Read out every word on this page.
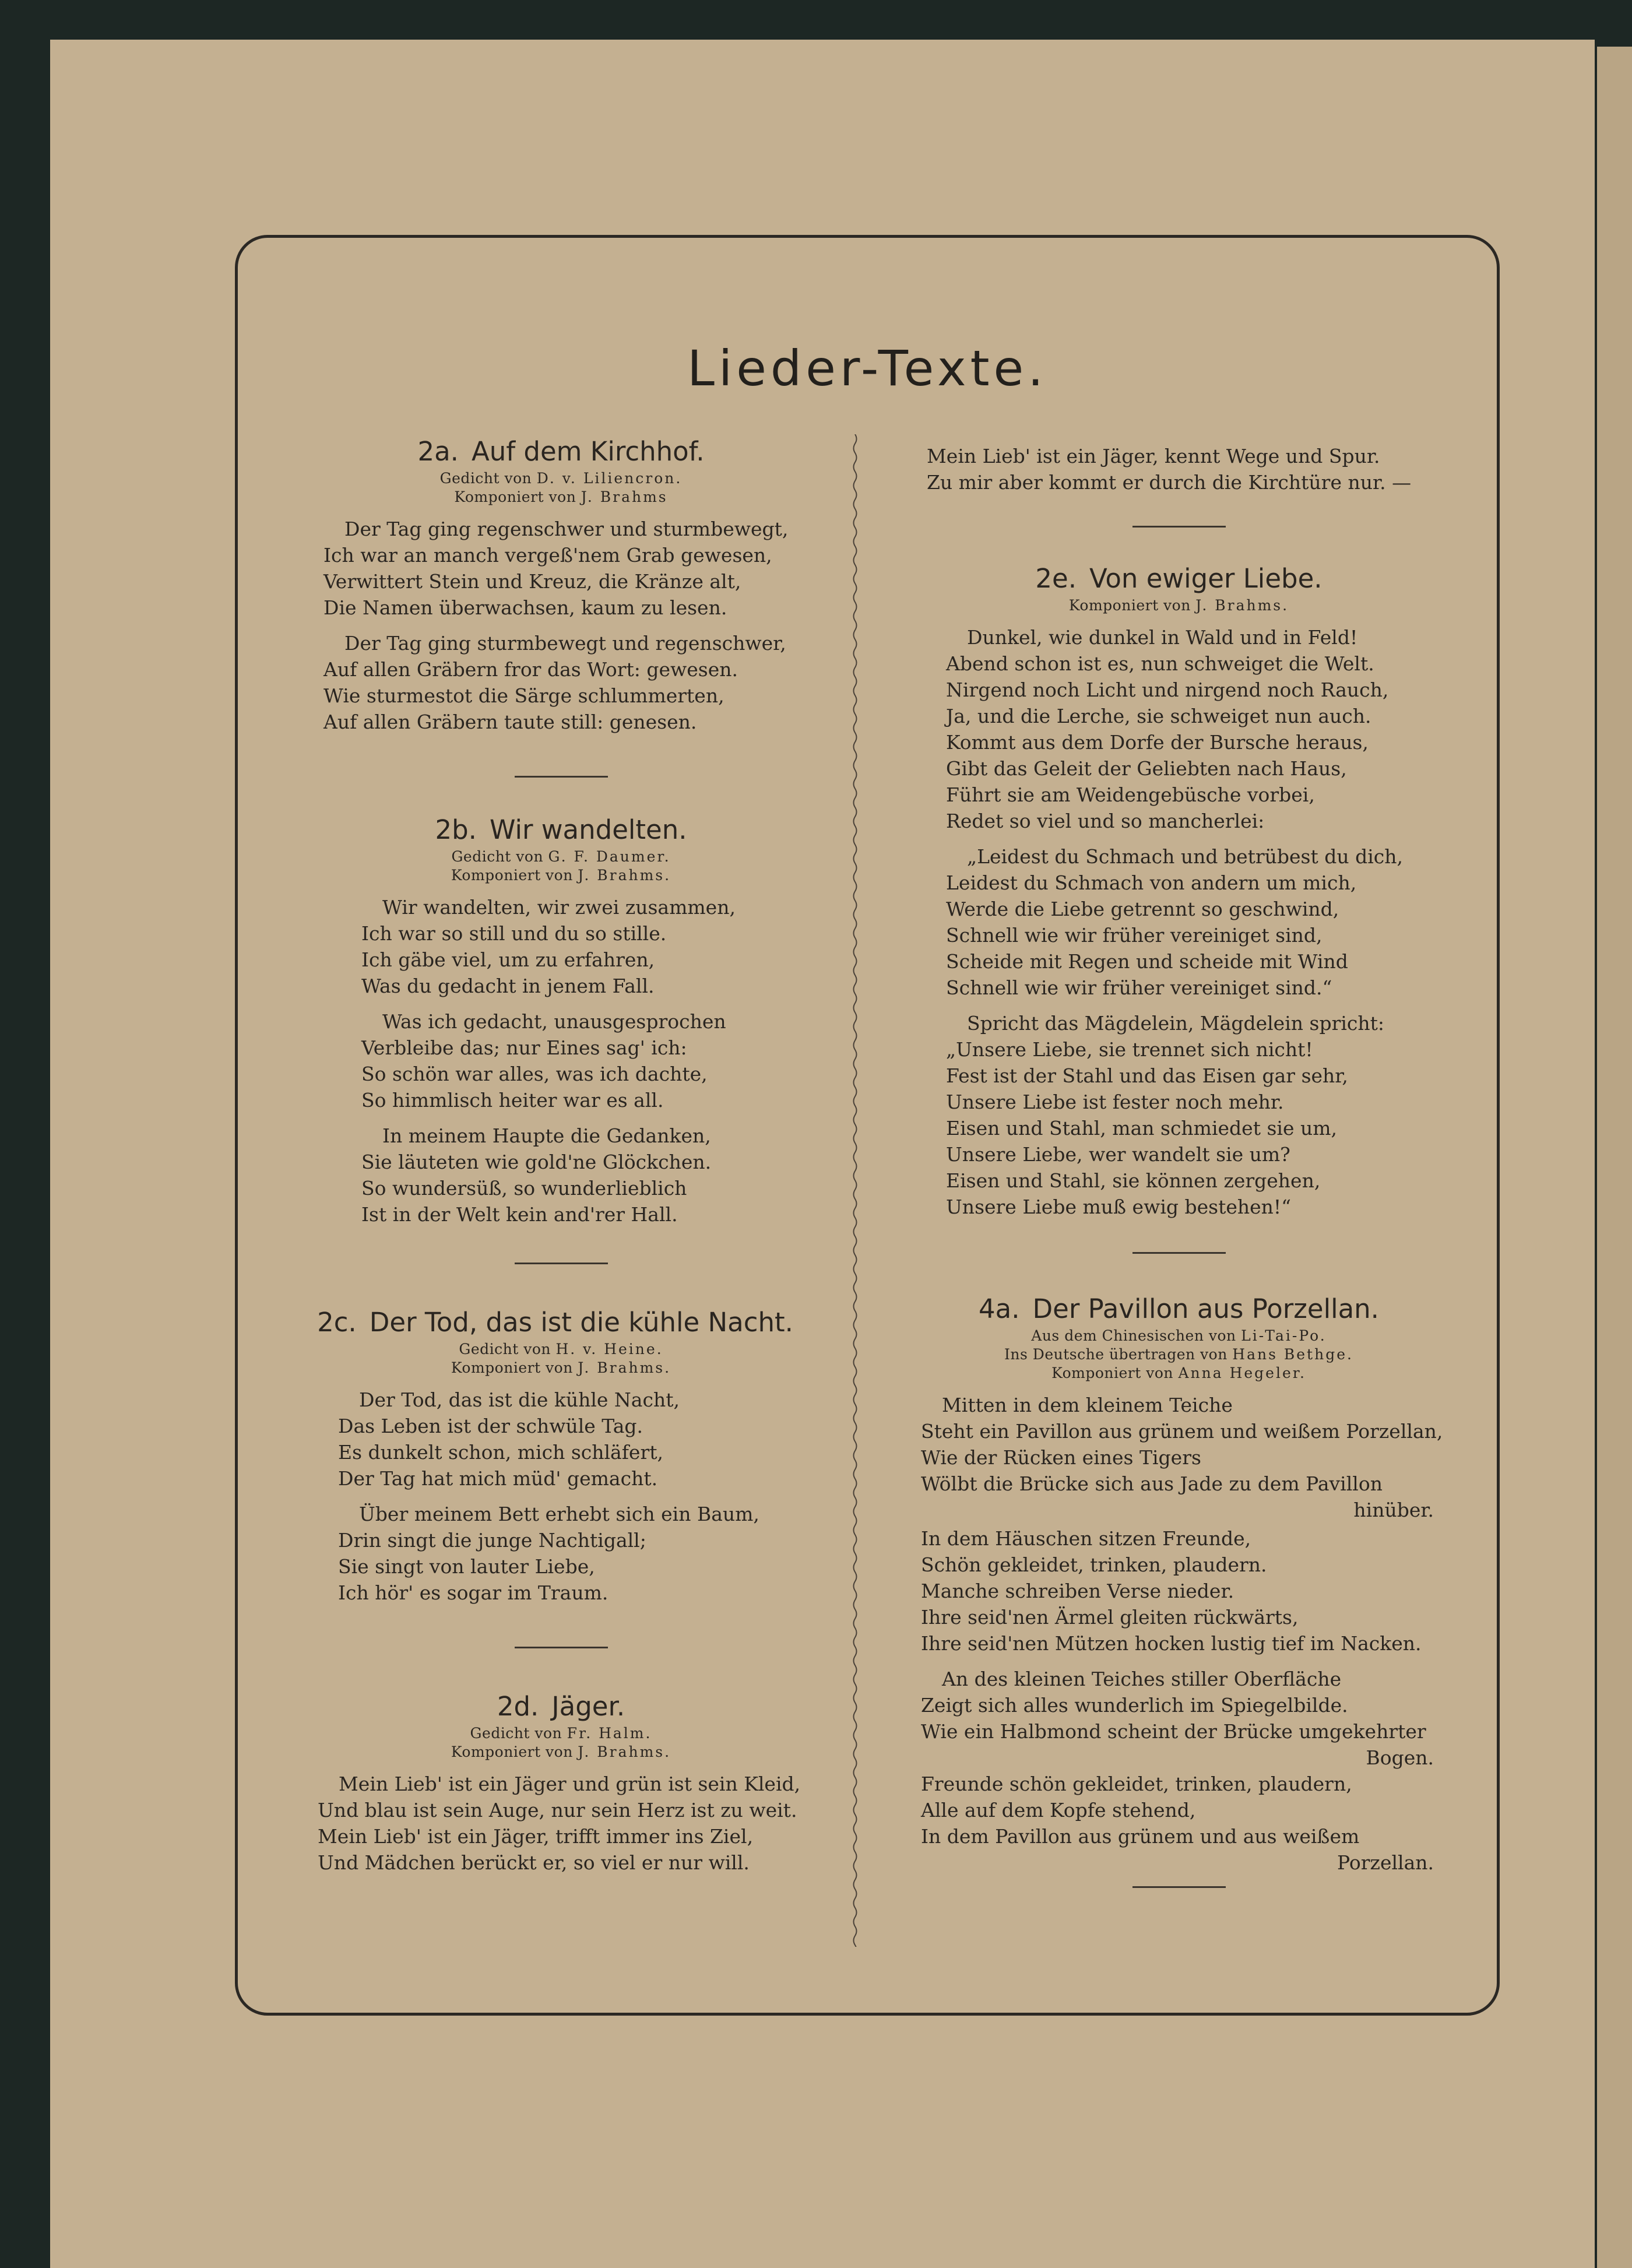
Lieder-Texte.
2a. Auf dem Kirchhof.

Gedicht von D. v. Liliencron.

Komponiert von J. Brahms

Der Tag ging regenschwer und sturmbewegt,

Ich war an manch vergeß'nem Grab gewesen,

Verwittert Stein und Kreuz, die Kränze alt,

Die Namen überwachsen, kaum zu lesen.

Der Tag ging sturmbewegt und regenschwer,

Auf allen Gräbern fror das Wort: gewesen.

Wie sturmestot die Särge schlummerten,

Auf allen Gräbern taute still: genesen.

2b. Wir wandelten.

Gedicht von G. F. Daumer.

Komponiert von J. Brahms.

Wir wandelten, wir zwei zusammen,

Ich war so still und du so stille.

Ich gäbe viel, um zu erfahren,

Was du gedacht in jenem Fall.

Was ich gedacht, unausgesprochen

Verbleibe das; nur Eines sag' ich:

So schön war alles, was ich dachte,

So himmlisch heiter war es all.

In meinem Haupte die Gedanken,

Sie läuteten wie gold'ne Glöckchen.

So wundersüß, so wunderlieblich

Ist in der Welt kein and'rer Hall.

2c. Der Tod, das ist die kühle Nacht.

Gedicht von H. v. Heine.

Komponiert von J. Brahms.

Der Tod, das ist die kühle Nacht,

Das Leben ist der schwüle Tag.

Es dunkelt schon, mich schläfert,

Der Tag hat mich müd' gemacht.

Über meinem Bett erhebt sich ein Baum,

Drin singt die junge Nachtigall;

Sie singt von lauter Liebe,

Ich hör' es sogar im Traum.

2d. Jäger.

Gedicht von Fr. Halm.

Komponiert von J. Brahms.

Mein Lieb' ist ein Jäger und grün ist sein Kleid,

Und blau ist sein Auge, nur sein Herz ist zu weit.

Mein Lieb' ist ein Jäger, trifft immer ins Ziel,

Und Mädchen berückt er, so viel er nur will.

Mein Lieb' ist ein Jäger, kennt Wege und Spur.

Zu mir aber kommt er durch die Kirchtüre nur. —

2e. Von ewiger Liebe.

Komponiert von J. Brahms.

Dunkel, wie dunkel in Wald und in Feld!

Abend schon ist es, nun schweiget die Welt.

Nirgend noch Licht und nirgend noch Rauch,

Ja, und die Lerche, sie schweiget nun auch.

Kommt aus dem Dorfe der Bursche heraus,

Gibt das Geleit der Geliebten nach Haus,

Führt sie am Weidengebüsche vorbei,

Redet so viel und so mancherlei:

„Leidest du Schmach und betrübest du dich,

Leidest du Schmach von andern um mich,

Werde die Liebe getrennt so geschwind,

Schnell wie wir früher vereiniget sind,

Scheide mit Regen und scheide mit Wind

Schnell wie wir früher vereiniget sind.“

Spricht das Mägdelein, Mägdelein spricht:

„Unsere Liebe, sie trennet sich nicht!

Fest ist der Stahl und das Eisen gar sehr,

Unsere Liebe ist fester noch mehr.

Eisen und Stahl, man schmiedet sie um,

Unsere Liebe, wer wandelt sie um?

Eisen und Stahl, sie können zergehen,

Unsere Liebe muß ewig bestehen!“

4a. Der Pavillon aus Porzellan.

Aus dem Chinesischen von Li-Tai-Po.

Ins Deutsche übertragen von Hans Bethge.

Komponiert von Anna Hegeler.

Mitten in dem kleinem Teiche

Steht ein Pavillon aus grünem und weißem Porzellan,

Wie der Rücken eines Tigers

Wölbt die Brücke sich aus Jade zu dem Pavillon

hinüber.

In dem Häuschen sitzen Freunde,

Schön gekleidet, trinken, plaudern.

Manche schreiben Verse nieder.

Ihre seid'nen Ärmel gleiten rückwärts,

Ihre seid'nen Mützen hocken lustig tief im Nacken.

An des kleinen Teiches stiller Oberfläche

Zeigt sich alles wunderlich im Spiegelbilde.

Wie ein Halbmond scheint der Brücke umgekehrter

Bogen.

Freunde schön gekleidet, trinken, plaudern,

Alle auf dem Kopfe stehend,

In dem Pavillon aus grünem und aus weißem

Porzellan.
